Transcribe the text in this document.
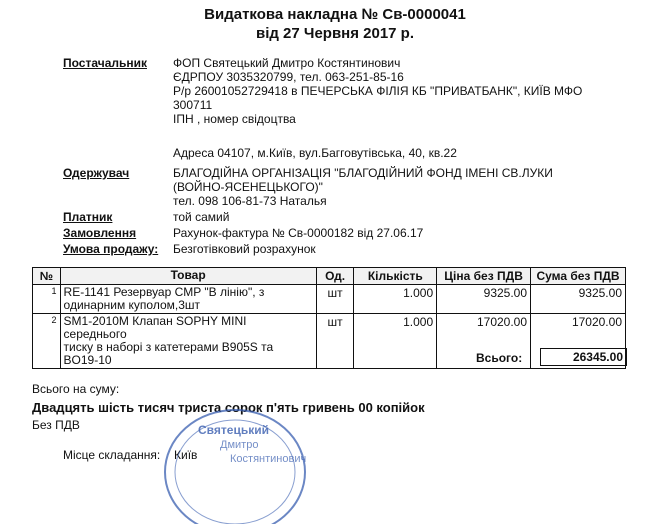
Видаткова накладна № Св-0000041
від 27 Червня 2017 р.
Постачальник ФОП Святецький Дмитро Костянтинович
ЄДРПОУ 3035320799, тел. 063-251-85-16
Р/р 26001052729418 в ПЕЧЕРСЬКА ФІЛІЯ КБ "ПРИВАТБАНК", КИЇВ МФО
300711
ІПН , номер свідоцтва
Адреса 04107, м.Київ, вул.Багговутівська, 40, кв.22
Одержувач	БЛАГОДІЙНА ОРГАНІЗАЦІЯ "БЛАГОДІЙНИЙ ФОНД ІМЕНІ СВ.ЛУКИ
(ВОЙНО-ЯСЕНЕЦЬКОГО)"
тел. 098 106-81-73 Наталья
Платник	той самий
Замовлення	Рахунок-фактура № Св-0000182 від 27.06.17
Умова продажу: Безготівковий розрахунок
№	Товар	Од.	Кількість	Ціна без ПДВ	Сума без ПДВ
1	RE-1141 Резервуар CMP "В лінію", з
одинарним куполом,3шт	шт	1.000	9325.00	9325.00
2	SM1-2010M Клапан SOPHY MINI середнього
тиску в наборі з катетерами B905S та
BO19-10	шт	1.000	17020.00	17020.00
Всього:	26345.00
Всього на суму:
Двадцять шість тисяч триста сорок п'ять гривень 00 копійок
Без ПДВ
Місце складання: Київ
Святецький
Дмитро
Костянтинович
